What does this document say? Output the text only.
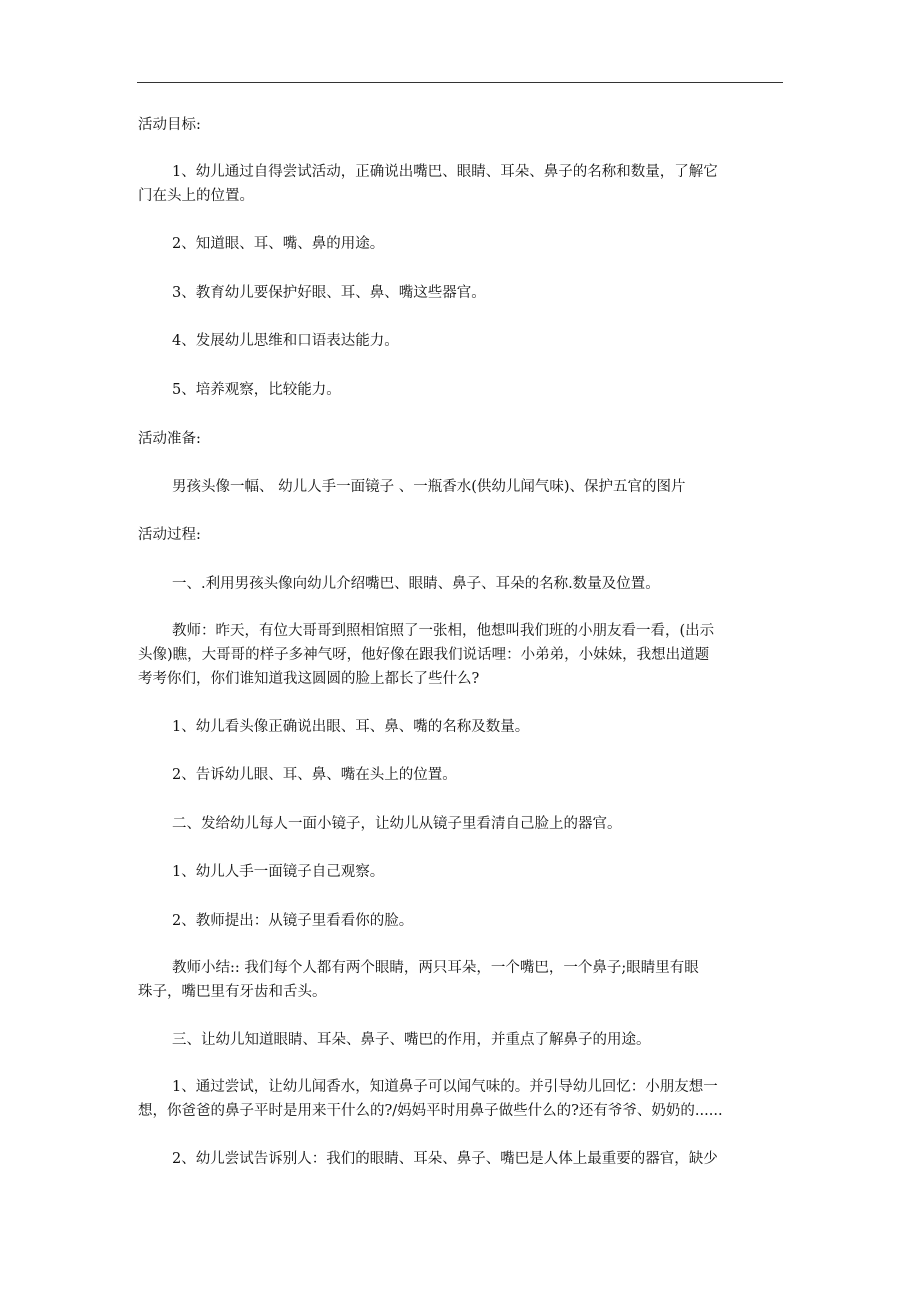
活动目标:
1、幼儿通过自得尝试活动，正确说出嘴巴、眼睛、耳朵、鼻子的名称和数量，了解它
门在头上的位置。
2、知道眼、耳、嘴、鼻的用途。
3、教育幼儿要保护好眼、耳、鼻、嘴这些器官。
4、发展幼儿思维和口语表达能力。
5、培养观察，比较能力。
活动准备:
男孩头像一幅、 幼儿人手一面镜子 、一瓶香水(供幼儿闻气味)、保护五官的图片
活动过程:
一、.利用男孩头像向幼儿介绍嘴巴、眼睛、鼻子、耳朵的名称.数量及位置。
教师：昨天，有位大哥哥到照相馆照了一张相，他想叫我们班的小朋友看一看，(出示
头像)瞧，大哥哥的样子多神气呀，他好像在跟我们说话哩：小弟弟，小妹妹，我想出道题
考考你们，你们谁知道我这圆圆的脸上都长了些什么?
1、幼儿看头像正确说出眼、耳、鼻、嘴的名称及数量。
2、告诉幼儿眼、耳、鼻、嘴在头上的位置。
二、发给幼儿每人一面小镜子，让幼儿从镜子里看清自己脸上的器官。
1、幼儿人手一面镜子自己观察。
2、教师提出：从镜子里看看你的脸。
教师小结:: 我们每个人都有两个眼睛，两只耳朵，一个嘴巴，一个鼻子;眼睛里有眼
珠子，嘴巴里有牙齿和舌头。
三、让幼儿知道眼睛、耳朵、鼻子、嘴巴的作用，并重点了解鼻子的用途。
1、通过尝试，让幼儿闻香水，知道鼻子可以闻气味的。并引导幼儿回忆：小朋友想一
想，你爸爸的鼻子平时是用来干什么的?/妈妈平时用鼻子做些什么的?还有爷爷、奶奶的......
2、幼儿尝试告诉别人：我们的眼睛、耳朵、鼻子、嘴巴是人体上最重要的器官，缺少
